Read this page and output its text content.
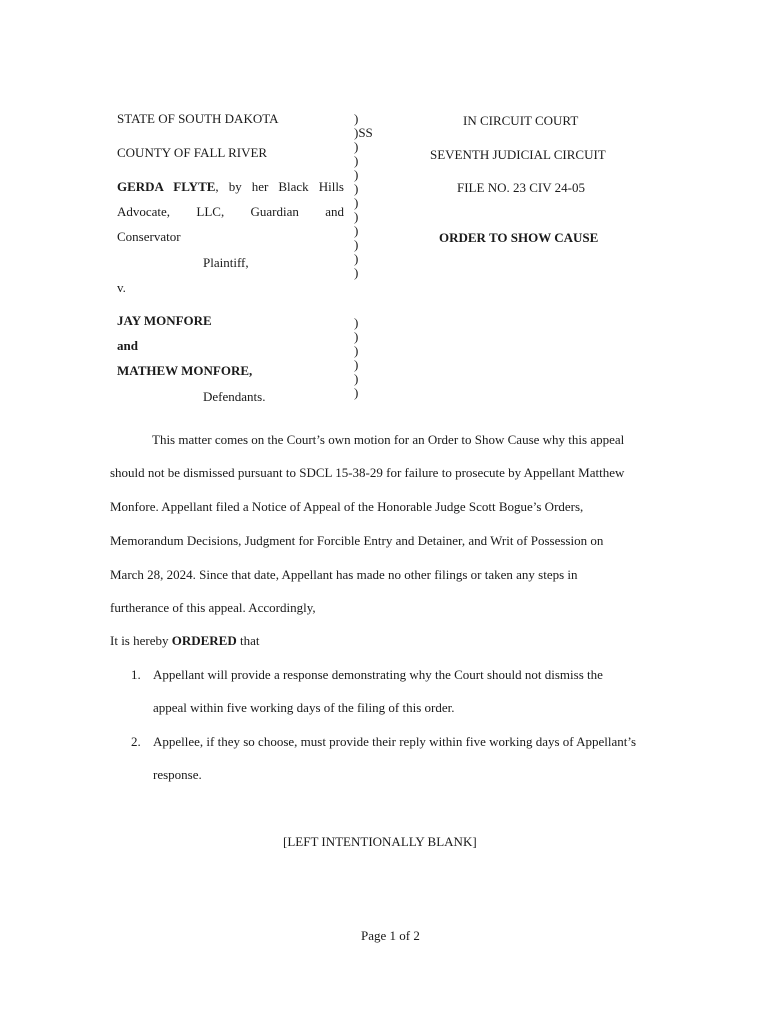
STATE OF SOUTH DAKOTA
COUNTY OF FALL RIVER
GERDA FLYTE, by her Black Hills
Advocate, LLC, Guardian and
Conservator
Plaintiff,
v.
JAY MONFORE
and
MATHEW MONFORE,
Defendants.
)
)SS
)
)
)
)
)
)
)
)
)
)
)
)
)
)
)
)
IN CIRCUIT COURT
SEVENTH JUDICIAL CIRCUIT
FILE NO. 23 CIV 24-05
ORDER TO SHOW CAUSE
This matter comes on the Court’s own motion for an Order to Show Cause why this appeal
should not be dismissed pursuant to SDCL 15-38-29 for failure to prosecute by Appellant Matthew
Monfore. Appellant filed a Notice of Appeal of the Honorable Judge Scott Bogue’s Orders,
Memorandum Decisions, Judgment for Forcible Entry and Detainer, and Writ of Possession on
March 28, 2024. Since that date, Appellant has made no other filings or taken any steps in
furtherance of this appeal. Accordingly,
It is hereby ORDERED that
1. Appellant will provide a response demonstrating why the Court should not dismiss the
appeal within five working days of the filing of this order.
2. Appellee, if they so choose, must provide their reply within five working days of Appellant’s
response.
[LEFT INTENTIONALLY BLANK]
Page 1 of 2
